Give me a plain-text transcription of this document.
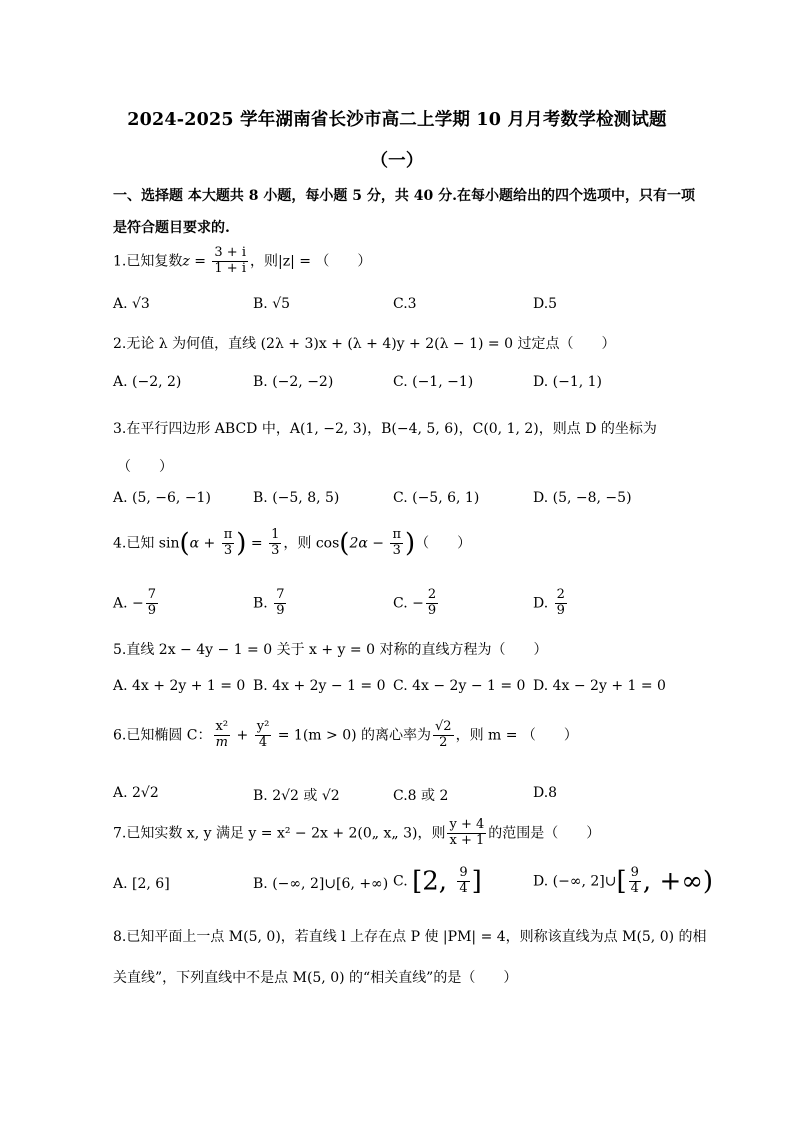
2024-2025 学年湖南省长沙市高二上学期 10 月月考数学检测试题
（一）
一、选择题 本大题共 8 小题，每小题 5 分，共 40 分.在每小题给出的四个选项中，只有一项
是符合题目要求的.
1.已知复数$z = \frac{3 + i}{1 + i}$ ，则|z| = （　　）
A. √3	B. √5	C.3	D.5
2.无论 λ 为何值，直线 (2λ + 3)x + (λ + 4)y + 2(λ − 1) = 0 过定点（　　）
A. (−2, 2)	B. (−2, −2)	C. (−1, −1)	D. (−1, 1)
3.在平行四边形 ABCD 中，A(1, −2, 3)，B(−4, 5, 6)，C(0, 1, 2)，则点 D 的坐标为
（　　）
A. (5, −6, −1)	B. (−5, 8, 5)	C. (−5, 6, 1)	D. (5, −8, −5)
4.已知 $\sin(\alpha + \frac{\pi}{3}$ ) = $\frac{1}{3}$ ，则 $\cos(2\alpha - \frac{\pi}{3}$ )（　　）
A. − $\frac{7}{9}$	B. $\frac{7}{9}$	C. − $\frac{2}{9}$	D. $\frac{2}{9}$
5.直线 2x − 4y − 1 = 0 关于 x + y = 0 对称的直线方程为（　　）
A. 4x + 2y + 1 = 0 B. 4x + 2y − 1 = 0 C. 4x − 2y − 1 = 0 D. 4x − 2y + 1 = 0
6.已知椭圆 C： $\frac{\text{x²}}{m} + \frac{\text{y²}}{4} = 1(m > 0)$ 的离心率为 $\frac{√2}{2}$ ，则 m = （　　）
A. 2√2	B. 2√2 或 √2	C.8 或 2	D.8
7.已知实数 x, y 满足 y = x² − 2x + 2(0„ x„ 3)，则 $\frac{y + 4}{x + 1}$ 的范围是（　　）
A. [2, 6]	B. (−∞, 2]∪[6, +∞) C. [2, $\frac{9}{4}$ ]	D. (−∞, 2]∪[ $\frac{9}{4}$ , +∞)
8.已知平面上一点 M(5, 0)，若直线 l 上存在点 P 使 |PM| = 4，则称该直线为点 M(5, 0) 的相
关直线”，下列直线中不是点 M(5, 0) 的“相关直线”的是（　　）
